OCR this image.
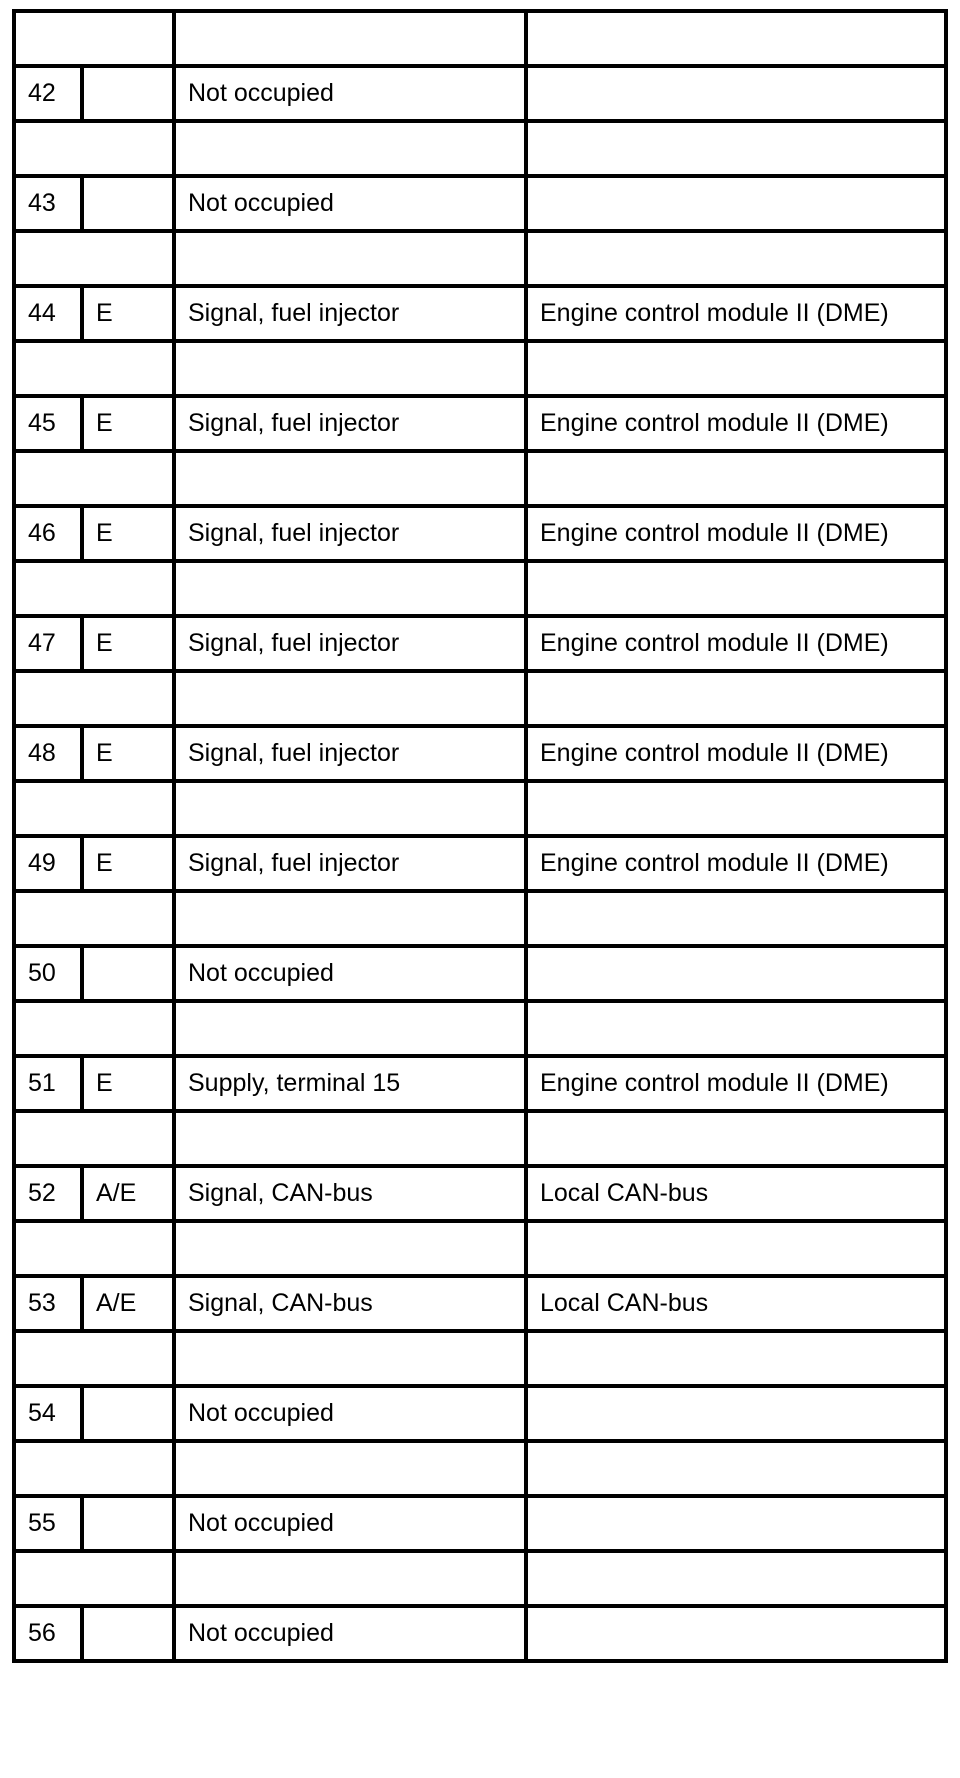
42		Not occupied	

43		Not occupied	

44	E	Signal, fuel injector	Engine control module II (DME)

45	E	Signal, fuel injector	Engine control module II (DME)

46	E	Signal, fuel injector	Engine control module II (DME)

47	E	Signal, fuel injector	Engine control module II (DME)

48	E	Signal, fuel injector	Engine control module II (DME)

49	E	Signal, fuel injector	Engine control module II (DME)

50		Not occupied	

51	E	Supply, terminal 15	Engine control module II (DME)

52	A/E	Signal, CAN-bus	Local CAN-bus

53	A/E	Signal, CAN-bus	Local CAN-bus

54		Not occupied	

55		Not occupied	

56		Not occupied	
